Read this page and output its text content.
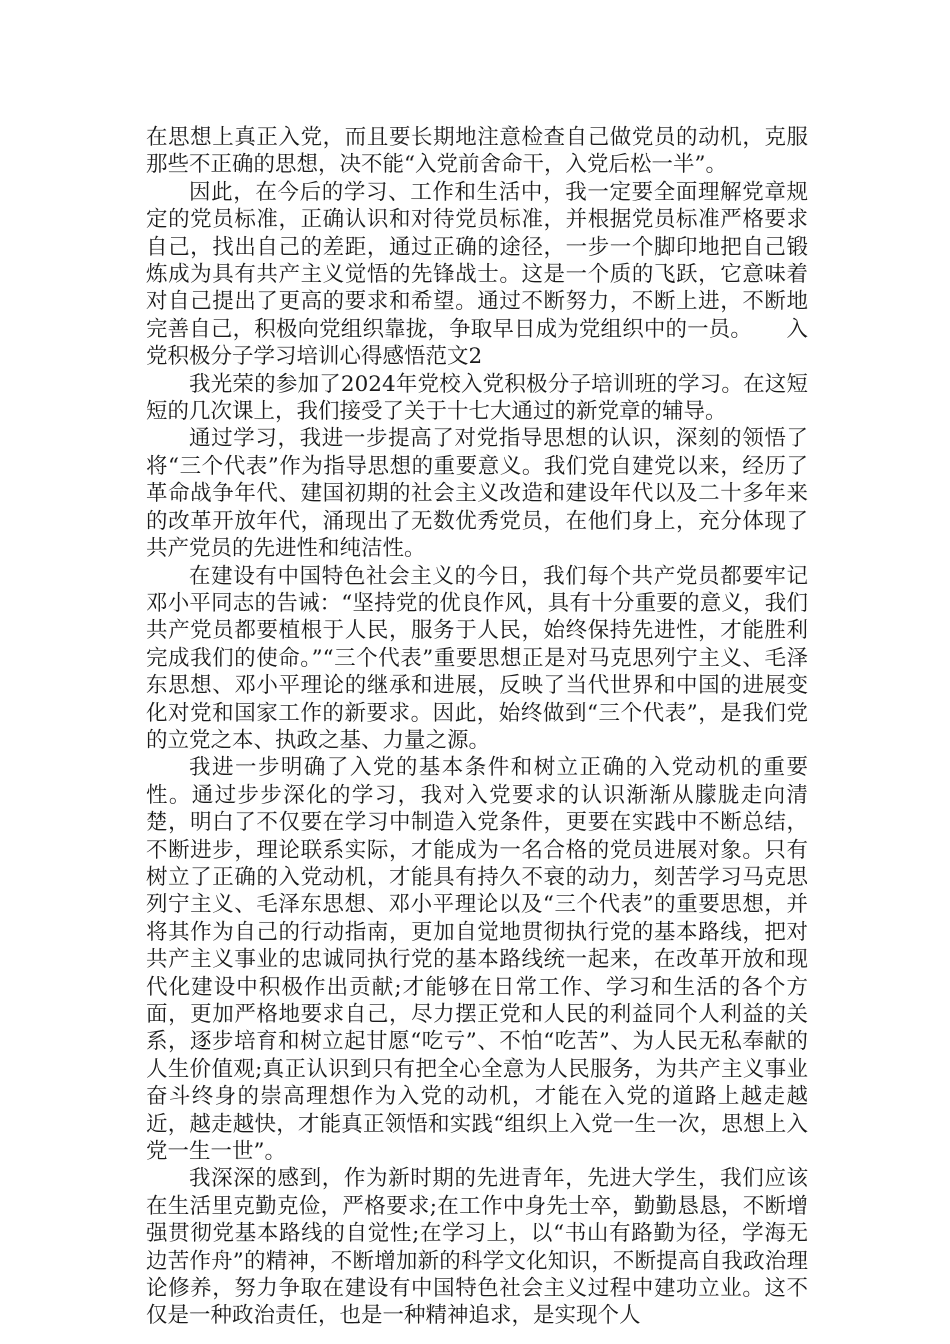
在思想上真正入党，而且要长期地注意检查自己做党员的动机，克服那些不正确的思想，决不能“入党前舍命干，入党后松一半”。

因此，在今后的学习、工作和生活中，我一定要全面理解党章规定的党员标准，正确认识和对待党员标准，并根据党员标准严格要求自己，找出自己的差距，通过正确的途径，一步一个脚印地把自己锻炼成为具有共产主义觉悟的先锋战士。这是一个质的飞跃，它意味着对自己提出了更高的要求和希望。通过不断努力，不断上进，不断地完善自己，积极向党组织靠拢，争取早日成为党组织中的一员。 入党积极分子学习培训心得感悟范文2

我光荣的参加了2024年党校入党积极分子培训班的学习。在这短短的几次课上，我们接受了关于十七大通过的新党章的辅导。

通过学习，我进一步提高了对党指导思想的认识，深刻的领悟了将“三个代表”作为指导思想的重要意义。我们党自建党以来，经历了革命战争年代、建国初期的社会主义改造和建设年代以及二十多年来的改革开放年代，涌现出了无数优秀党员，在他们身上，充分体现了共产党员的先进性和纯洁性。

在建设有中国特色社会主义的今日，我们每个共产党员都要牢记邓小平同志的告诫：“坚持党的优良作风，具有十分重要的意义，我们共产党员都要植根于人民，服务于人民，始终保持先进性，才能胜利完成我们的使命。”“三个代表”重要思想正是对马克思列宁主义、毛泽东思想、邓小平理论的继承和进展，反映了当代世界和中国的进展变化对党和国家工作的新要求。因此，始终做到“三个代表”，是我们党的立党之本、执政之基、力量之源。

我进一步明确了入党的基本条件和树立正确的入党动机的重要性。通过步步深化的学习，我对入党要求的认识渐渐从朦胧走向清楚，明白了不仅要在学习中制造入党条件，更要在实践中不断总结，不断进步，理论联系实际，才能成为一名合格的党员进展对象。只有树立了正确的入党动机，才能具有持久不衰的动力，刻苦学习马克思列宁主义、毛泽东思想、邓小平理论以及“三个代表”的重要思想，并将其作为自己的行动指南，更加自觉地贯彻执行党的基本路线，把对共产主义事业的忠诚同执行党的基本路线统一起来，在改革开放和现代化建设中积极作出贡献;才能够在日常工作、学习和生活的各个方面，更加严格地要求自己，尽力摆正党和人民的利益同个人利益的关系，逐步培育和树立起甘愿“吃亏”、不怕“吃苦”、为人民无私奉献的人生价值观;真正认识到只有把全心全意为人民服务，为共产主义事业奋斗终身的崇高理想作为入党的动机，才能在入党的道路上越走越近，越走越快，才能真正领悟和实践“组织上入党一生一次，思想上入党一生一世”。

我深深的感到，作为新时期的先进青年，先进大学生，我们应该在生活里克勤克俭，严格要求;在工作中身先士卒，勤勤恳恳，不断增强贯彻党基本路线的自觉性;在学习上，以“书山有路勤为径，学海无边苦作舟”的精神，不断增加新的科学文化知识，不断提高自我政治理论修养，努力争取在建设有中国特色社会主义过程中建功立业。这不仅是一种政治责任，也是一种精神追求，是实现个人
